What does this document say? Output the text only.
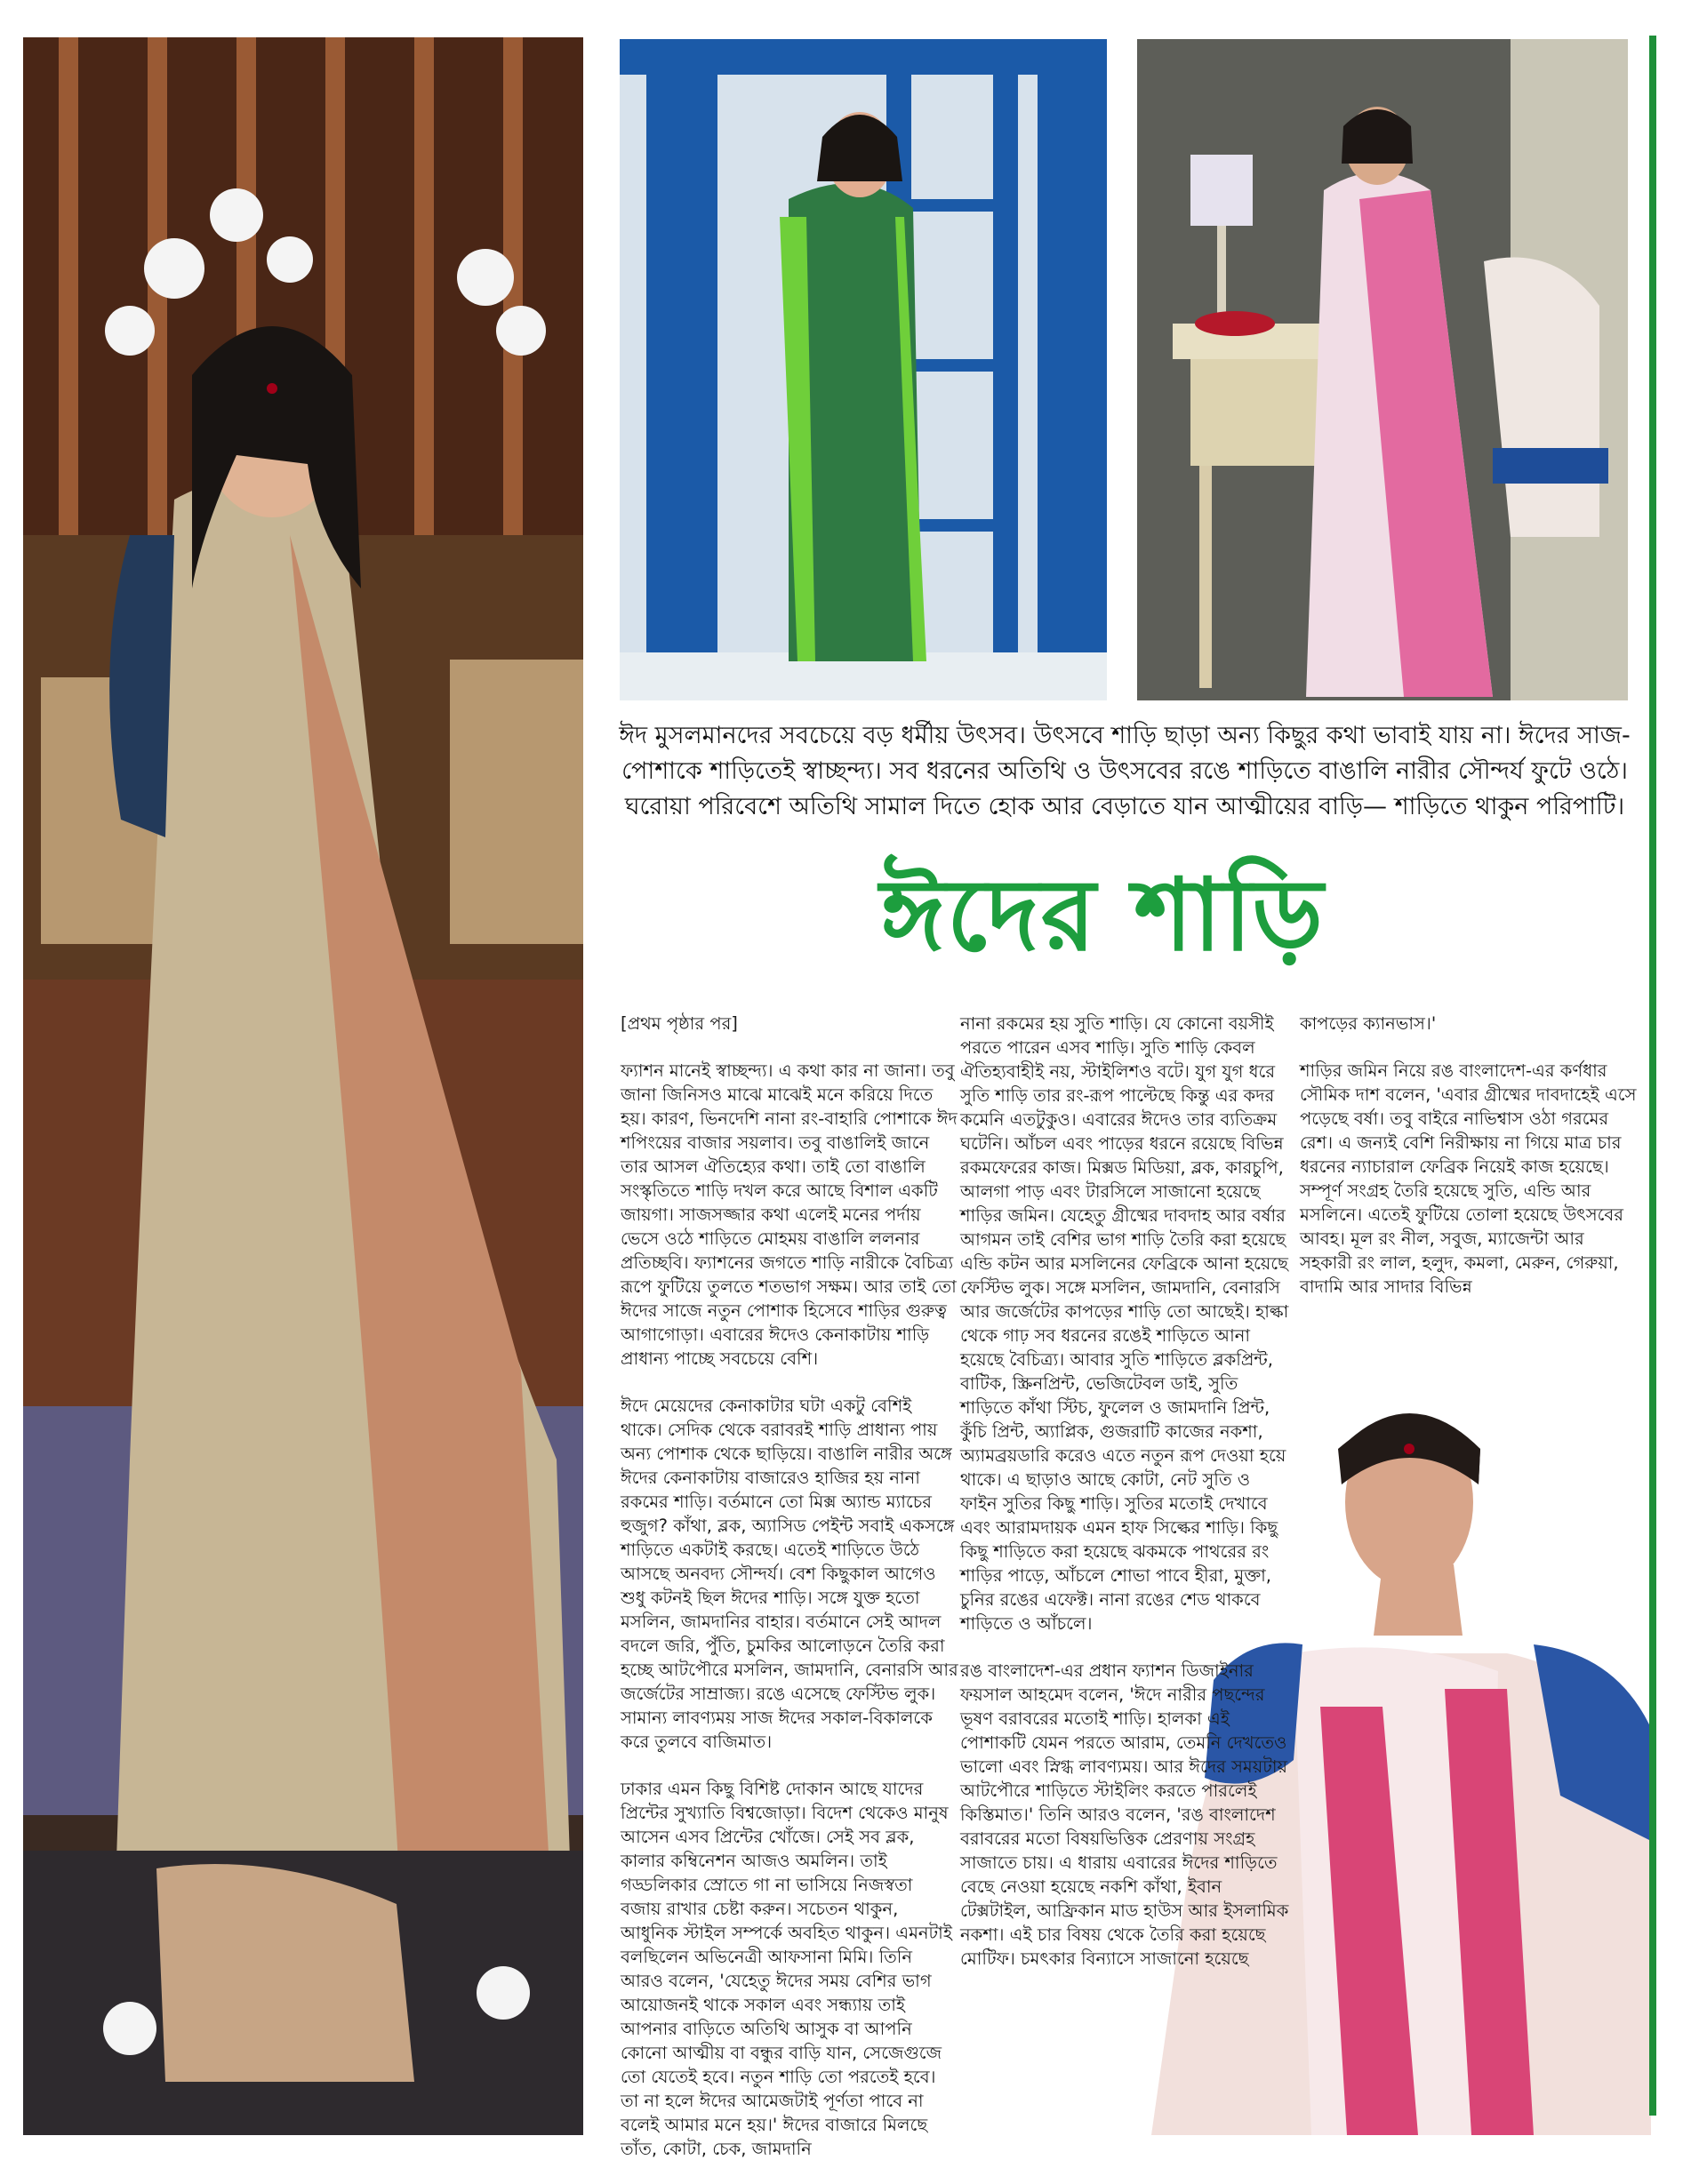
ঈদ মুসলমানদের সবচেয়ে বড় ধর্মীয় উৎসব। উৎসবে শাড়ি ছাড়া অন্য কিছুর কথা ভাবাই যায় না। ঈদের সাজ-পোশাকে শাড়িতেই স্বাচ্ছন্দ্য। সব ধরনের অতিথি ও উৎসবের রঙে শাড়িতে বাঙালি নারীর সৌন্দর্য ফুটে ওঠে। ঘরোয়া পরিবেশে অতিথি সামাল দিতে হোক আর বেড়াতে যান আত্মীয়ের বাড়ি— শাড়িতে থাকুন পরিপাটি।
ঈদের শাড়ি

[প্রথম পৃষ্ঠার পর]

ফ্যাশন মানেই স্বাচ্ছন্দ্য। এ কথা কার না জানা। তবু জানা জিনিসও মাঝে মাঝেই মনে করিয়ে দিতে হয়। কারণ, ভিনদেশি নানা রং-বাহারি পোশাকে ঈদ শপিংয়ের বাজার সয়লাব। তবু বাঙালিই জানে তার আসল ঐতিহ্যের কথা। তাই তো বাঙালি সংস্কৃতিতে শাড়ি দখল করে আছে বিশাল একটি জায়গা। সাজসজ্জার কথা এলেই মনের পর্দায় ভেসে ওঠে শাড়িতে মোহময় বাঙালি ললনার প্রতিচ্ছবি। ফ্যাশনের জগতে শাড়ি নারীকে বৈচিত্র্য রূপে ফুটিয়ে তুলতে শতভাগ সক্ষম। আর তাই তো ঈদের সাজে নতুন পোশাক হিসেবে শাড়ির গুরুত্ব আগাগোড়া। এবারের ঈদেও কেনাকাটায় শাড়ি প্রাধান্য পাচ্ছে সবচেয়ে বেশি।

ঈদে মেয়েদের কেনাকাটার ঘটা একটু বেশিই থাকে। সেদিক থেকে বরাবরই শাড়ি প্রাধান্য পায় অন্য পোশাক থেকে ছাড়িয়ে। বাঙালি নারীর অঙ্গে ঈদের কেনাকাটায় বাজারেও হাজির হয় নানা রকমের শাড়ি। বর্তমানে তো মিক্স অ্যান্ড ম্যাচের হুজুগ? কাঁথা, ব্লক, অ্যাসিড পেইন্ট সবাই একসঙ্গে শাড়িতে একটাই করছে। এতেই শাড়িতে উঠে আসছে অনবদ্য সৌন্দর্য। বেশ কিছুকাল আগেও শুধু কটনই ছিল ঈদের শাড়ি। সঙ্গে যুক্ত হতো মসলিন, জামদানির বাহার। বর্তমানে সেই আদল বদলে জরি, পুঁতি, চুমকির আলোড়নে তৈরি করা হচ্ছে আটপৌরে মসলিন, জামদানি, বেনারসি আর জর্জেটের সাম্রাজ্য। রঙে এসেছে ফেস্টিভ লুক। সামান্য লাবণ্যময় সাজ ঈদের সকাল-বিকালকে করে তুলবে বাজিমাত।

ঢাকার এমন কিছু বিশিষ্ট দোকান আছে যাদের প্রিন্টের সুখ্যাতি বিশ্বজোড়া। বিদেশ থেকেও মানুষ আসেন এসব প্রিন্টের খোঁজে। সেই সব ব্লক, কালার কম্বিনেশন আজও অমলিন। তাই গড্ডলিকার স্রোতে গা না ভাসিয়ে নিজস্বতা বজায় রাখার চেষ্টা করুন। সচেতন থাকুন, আধুনিক স্টাইল সম্পর্কে অবহিত থাকুন। এমনটাই বলছিলেন অভিনেত্রী আফসানা মিমি। তিনি আরও বলেন, 'যেহেতু ঈদের সময় বেশির ভাগ আয়োজনই থাকে সকাল এবং সন্ধ্যায় তাই আপনার বাড়িতে অতিথি আসুক বা আপনি কোনো আত্মীয় বা বন্ধুর বাড়ি যান, সেজেগুজে তো যেতেই হবে। নতুন শাড়ি তো পরতেই হবে। তা না হলে ঈদের আমেজটাই পূর্ণতা পাবে না বলেই আমার মনে হয়।' ঈদের বাজারে মিলছে তাঁত, কোটা, চেক, জামদানি

নানা রকমের হয় সুতি শাড়ি। যে কোনো বয়সীই পরতে পারেন এসব শাড়ি। সুতি শাড়ি কেবল ঐতিহ্যবাহীই নয়, স্টাইলিশও বটে। যুগ যুগ ধরে সুতি শাড়ি তার রং-রূপ পাল্টেছে কিন্তু এর কদর কমেনি এতটুকুও। এবারের ঈদেও তার ব্যতিক্রম ঘটেনি। আঁচল এবং পাড়ের ধরনে রয়েছে বিভিন্ন রকমফেরের কাজ। মিক্সড মিডিয়া, ব্লক, কারচুপি, আলগা পাড় এবং টারসিলে সাজানো হয়েছে শাড়ির জমিন। যেহেতু গ্রীষ্মের দাবদাহ আর বর্ষার আগমন তাই বেশির ভাগ শাড়ি তৈরি করা হয়েছে এন্ডি কটন আর মসলিনের ফেব্রিকে আনা হয়েছে ফেস্টিভ লুক। সঙ্গে মসলিন, জামদানি, বেনারসি আর জর্জেটের কাপড়ের শাড়ি তো আছেই। হাল্কা থেকে গাঢ় সব ধরনের রঙেই শাড়িতে আনা হয়েছে বৈচিত্র্য। আবার সুতি শাড়িতে ব্লকপ্রিন্ট, বাটিক, স্ক্রিনপ্রিন্ট, ভেজিটেবল ডাই, সুতি শাড়িতে কাঁথা স্টিচ, ফুলেল ও জামদানি প্রিন্ট, কুঁচি প্রিন্ট, অ্যাপ্লিক, গুজরাটি কাজের নকশা, অ্যামব্রয়ডারি করেও এতে নতুন রূপ দেওয়া হয়ে থাকে। এ ছাড়াও আছে কোটা, নেট সুতি ও ফাইন সুতির কিছু শাড়ি। সুতির মতোই দেখাবে এবং আরামদায়ক এমন হাফ সিল্কের শাড়ি। কিছু কিছু শাড়িতে করা হয়েছে ঝকমকে পাথরের রং শাড়ির পাড়ে, আঁচলে শোভা পাবে হীরা, মুক্তা, চুনির রঙের এফেক্ট। নানা রঙের শেড থাকবে শাড়িতে ও আঁচলে।

রঙ বাংলাদেশ-এর প্রধান ফ্যাশন ডিজাইনার ফয়সাল আহমেদ বলেন, 'ঈদে নারীর পছন্দের ভূষণ বরাবরের মতোই শাড়ি। হালকা এই পোশাকটি যেমন পরতে আরাম, তেমনি দেখতেও ভালো এবং স্নিগ্ধ লাবণ্যময়। আর ঈদের সময়টায় আটপৌরে শাড়িতে স্টাইলিং করতে পারলেই কিস্তিমাত।' তিনি আরও বলেন, 'রঙ বাংলাদেশ বরাবরের মতো বিষয়ভিত্তিক প্রেরণায় সংগ্রহ সাজাতে চায়। এ ধারায় এবারের ঈদের শাড়িতে বেছে নেওয়া হয়েছে নকশি কাঁথা, ইবান টেক্সটাইল, আফ্রিকান মাড হাউস আর ইসলামিক নকশা। এই চার বিষয় থেকে তৈরি করা হয়েছে মোটিফ। চমৎকার বিন্যাসে সাজানো হয়েছে

কাপড়ের ক্যানভাস।'

শাড়ির জমিন নিয়ে রঙ বাংলাদেশ-এর কর্ণধার সৌমিক দাশ বলেন, 'এবার গ্রীষ্মের দাবদাহেই এসে পড়েছে বর্ষা। তবু বাইরে নাভিশ্বাস ওঠা গরমের রেশ। এ জন্যই বেশি নিরীক্ষায় না গিয়ে মাত্র চার ধরনের ন্যাচারাল ফেব্রিক নিয়েই কাজ হয়েছে। সম্পূর্ণ সংগ্রহ তৈরি হয়েছে সুতি, এন্ডি আর মসলিনে। এতেই ফুটিয়ে তোলা হয়েছে উৎসবের আবহ। মূল রং নীল, সবুজ, ম্যাজেন্টা আর সহকারী রং লাল, হলুদ, কমলা, মেরুন, গেরুয়া, বাদামি আর সাদার বিভিন্ন
